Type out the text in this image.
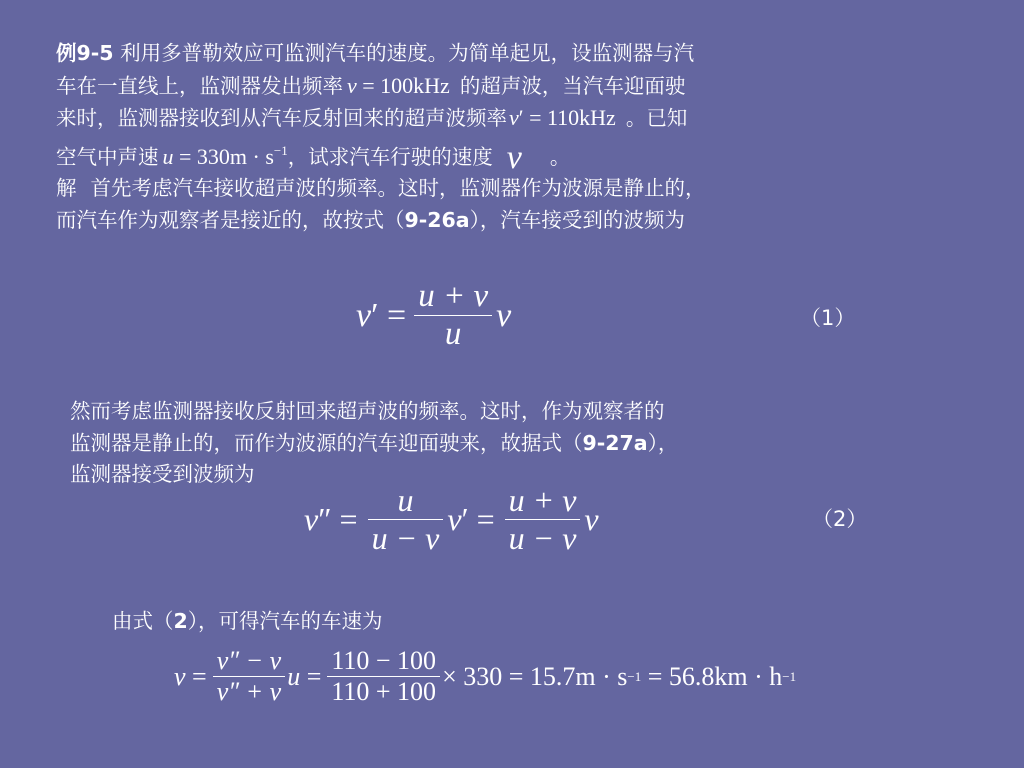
例9-5 利用多普勒效应可监测汽车的速度。为简单起见，设监测器与汽
车在一直线上，监测器发出频率 ν = 100kHz 的超声波，当汽车迎面驶
来时，监测器接收到从汽车反射回来的超声波频率ν′ = 110kHz 。已知
空气中声速 $u = 330m \cdot s^{-1}$，试求汽车行驶的速度 v 。
解 首先考虑汽车接收超声波的频率。这时，监测器作为波源是静止的，
而汽车作为观察者是接近的，故按式（9-26a），汽车接受到的波频为
ν ′ = $\frac{u + v}{u}$ ν	（1）
然而考虑监测器接收反射回来超声波的频率。这时，作为观察者的
监测器是静止的，而作为波源的汽车迎面驶来，故据式（9-27a），
监测器接受到波频为
ν ″ = $\frac{u}{u - v}$ ν ′ = $\frac{u + v}{u - v}$ ν	（2）
由式（2），可得汽车的车速为
$v = \frac{\nu'' - \nu}{\nu'' + \nu}$ $u = \frac{110 - 100}{110 + 100} \times 330 = 15.7m \cdot s -1 = 56.8km \cdot h -1$
